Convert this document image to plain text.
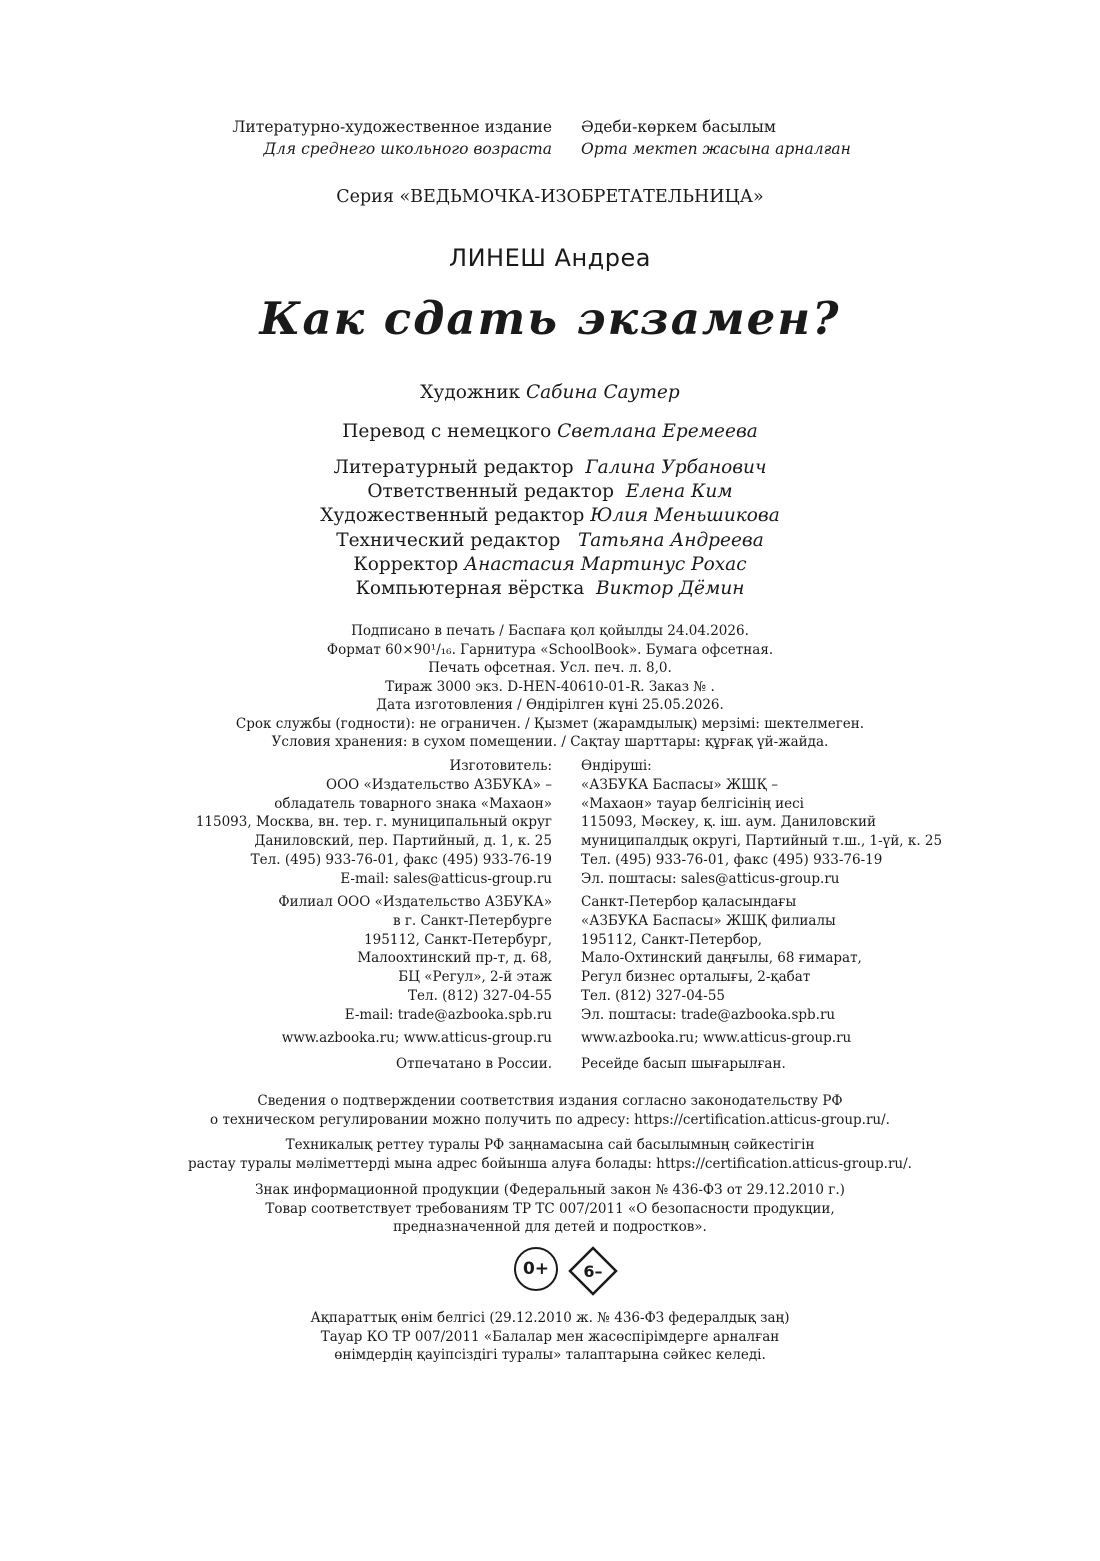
Литературно-художественное издание Әдеби-көркем басылым
Для среднего школьного возраста Орта мектеп жасына арналған
Серия «ВЕДЬМОЧКА-ИЗОБРЕТАТЕЛЬНИЦА»
ЛИНЕШ Андреа
Как сдать экзамен?
Художник Сабина Саутер
Перевод с немецкого Светлана Еремеева
Литературный редактор Галина Урбанович
Ответственный редактор Елена Ким
Художественный редактор Юлия Меньшикова
Технический редактор Татьяна Андреева
Корректор Анастасия Мартинус Рохас
Компьютерная вёрстка Виктор Дёмин
Подписано в печать / Баспаға қол қойылды 24.04.2026.
Формат 60×90¹/₁₆. Гарнитура «SchoolBook». Бумага офсетная.
Печать офсетная. Усл. печ. л. 8,0.
Тираж 3000 экз. D-HEN-40610-01-R. Заказ № .
Дата изготовления / Өндірілген күні 25.05.2026.
Срок службы (годности): не ограничен. / Қызмет (жарамдылық) мерзімі: шектелмеген.
Условия хранения: в сухом помещении. / Сақтау шарттары: құрғақ үй-жайда.
Изготовитель:
ООО «Издательство АЗБУКА» –
обладатель товарного знака «Махаон»
115093, Москва, вн. тер. г. муниципальный округ
Даниловский, пер. Партийный, д. 1, к. 25
Тел. (495) 933-76-01, факс (495) 933-76-19
E-mail: sales@atticus-group.ru
Өндіруші:
«АЗБУКА Баспасы» ЖШҚ –
«Махаон» тауар белгісінің иесі
115093, Мәскеу, қ. іш. аум. Даниловский
муниципалдық округі, Партийный т.ш., 1-үй, к. 25
Тел. (495) 933-76-01, факс (495) 933-76-19
Эл. поштасы: sales@atticus-group.ru
Филиал ООО «Издательство АЗБУКА»
в г. Санкт-Петербурге
195112, Санкт-Петербург,
Малоохтинский пр-т, д. 68,
БЦ «Регул», 2-й этаж
Тел. (812) 327-04-55
E-mail: trade@azbooka.spb.ru
Санкт-Петербор қаласындағы
«АЗБУКА Баспасы» ЖШҚ филиалы
195112, Санкт-Петербор,
Мало-Охтинский даңғылы, 68 ғимарат,
Регул бизнес орталығы, 2-қабат
Тел. (812) 327-04-55
Эл. поштасы: trade@azbooka.spb.ru
www.azbooka.ru; www.atticus-group.ru www.azbooka.ru; www.atticus-group.ru
Отпечатано в России. Ресейде басып шығарылған.
Сведения о подтверждении соответствия издания согласно законодательству РФ
о техническом регулировании можно получить по адресу: https://certification.atticus-group.ru/.
Техникалық реттеу туралы РФ заңнамасына сай басылымның сәйкестігін
растау туралы мәліметтерді мына адрес бойынша алуға болады: https://certification.atticus-group.ru/.
Знак информационной продукции (Федеральный закон № 436-ФЗ от 29.12.2010 г.)
Товар соответствует требованиям ТР ТС 007/2011 «О безопасности продукции,
предназначенной для детей и подростков».
0+	6–
Ақпараттық өнім белгісі (29.12.2010 ж. № 436-ФЗ федералдық заң)
Тауар КО ТР 007/2011 «Балалар мен жасөспірімдерге арналған
өнімдердің қауіпсіздігі туралы» талаптарына сәйкес келеді.
